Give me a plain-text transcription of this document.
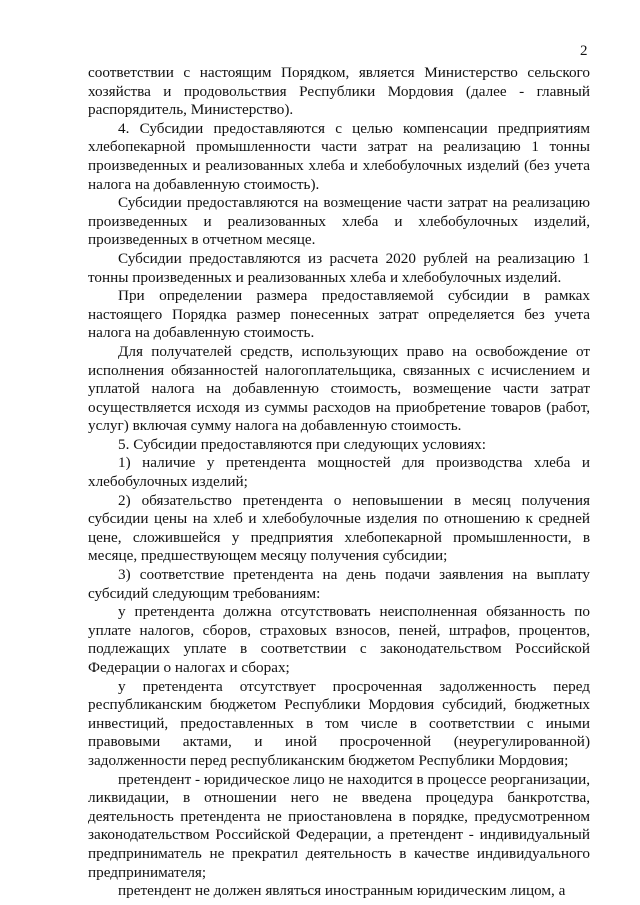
2

соответствии с настоящим Порядком, является Министерство сельского хозяйства и продовольствия Республики Мордовия (далее - главный распорядитель, Министерство).

4. Субсидии предоставляются с целью компенсации предприятиям хлебопекарной промышленности части затрат на реализацию 1 тонны произведенных и реализованных хлеба и хлебобулочных изделий (без учета налога на добавленную стоимость).

Субсидии предоставляются на возмещение части затрат на реализацию произведенных и реализованных хлеба и хлебобулочных изделий, произведенных в отчетном месяце.

Субсидии предоставляются из расчета 2020 рублей на реализацию 1 тонны произведенных и реализованных хлеба и хлебобулочных изделий.

При определении размера предоставляемой субсидии в рамках настоящего Порядка размер понесенных затрат определяется без учета налога на добавленную стоимость.

Для получателей средств, использующих право на освобождение от исполнения обязанностей налогоплательщика, связанных с исчислением и уплатой налога на добавленную стоимость, возмещение части затрат осуществляется исходя из суммы расходов на приобретение товаров (работ, услуг) включая сумму налога на добавленную стоимость.

5. Субсидии предоставляются при следующих условиях:

1) наличие у претендента мощностей для производства хлеба и хлебобулочных изделий;

2) обязательство претендента о неповышении в месяц получения субсидии цены на хлеб и хлебобулочные изделия по отношению к средней цене, сложившейся у предприятия хлебопекарной промышленности, в месяце, предшествующем месяцу получения субсидии;

3) соответствие претендента на день подачи заявления на выплату субсидий следующим требованиям:

у претендента должна отсутствовать неисполненная обязанность по уплате налогов, сборов, страховых взносов, пеней, штрафов, процентов, подлежащих уплате в соответствии с законодательством Российской Федерации о налогах и сборах;

у претендента отсутствует просроченная задолженность перед республиканским бюджетом Республики Мордовия субсидий, бюджетных инвестиций, предоставленных в том числе в соответствии с иными правовыми актами, и иной просроченной (неурегулированной) задолженности перед республиканским бюджетом Республики Мордовия;

претендент - юридическое лицо не находится в процессе реорганизации, ликвидации, в отношении него не введена процедура банкротства, деятельность претендента не приостановлена в порядке, предусмотренном законодательством Российской Федерации, а претендент - индивидуальный предприниматель не прекратил деятельность в качестве индивидуального предпринимателя;

претендент не должен являться иностранным юридическим лицом, а
